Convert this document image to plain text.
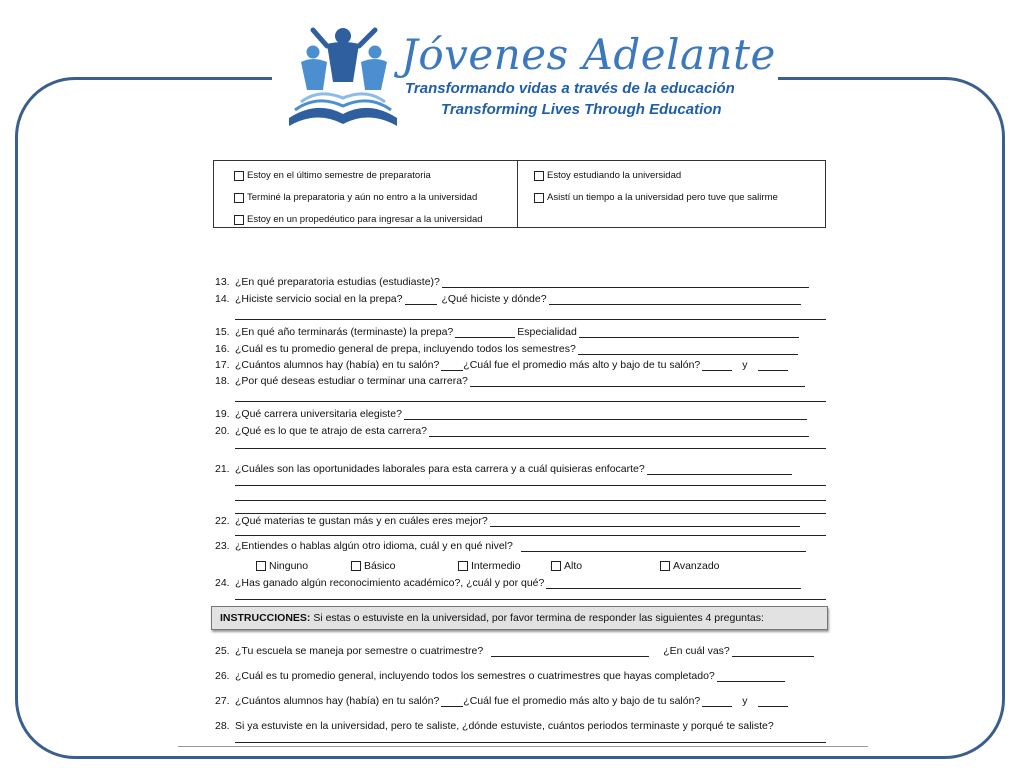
Jóvenes Adelante
Transformando vidas a través de la educación
Transforming Lives Through Education
Estoy en el último semestre de preparatoria
Terminé la preparatoria y aún no entro a la universidad
Estoy en un propedéutico para ingresar a la universidad
Estoy estudiando la universidad
Asistí un tiempo a la universidad pero tuve que salirme
13. ¿En qué preparatoria estudias (estudiaste)?
14. ¿Hiciste servicio social en la prepa?	¿Qué hiciste y dónde?
15. ¿En qué año terminarás (terminaste) la prepa?	Especialidad
16. ¿Cuál es tu promedio general de prepa, incluyendo todos los semestres?
17. ¿Cuántos alumnos hay (había) en tu salón? ¿Cuál fue el promedio más alto y bajo de tu salón?	y
18. ¿Por qué deseas estudiar o terminar una carrera?
19. ¿Qué carrera universitaria elegiste?
20. ¿Qué es lo que te atrajo de esta carrera?
21. ¿Cuáles son las oportunidades laborales para esta carrera y a cuál quisieras enfocarte?
22. ¿Qué materias te gustan más y en cuáles eres mejor?
23. ¿Entiendes o hablas algún otro idioma, cuál y en qué nivel?
Ninguno	Básico	Intermedio	Alto	Avanzado
24. ¿Has ganado algún reconocimiento académico?, ¿cuál y por qué?
INSTRUCCIONES: Si estas o estuviste en la universidad, por favor termina de responder las siguientes 4 preguntas:
25. ¿Tu escuela se maneja por semestre o cuatrimestre?	¿En cuál vas?
26. ¿Cuál es tu promedio general, incluyendo todos los semestres o cuatrimestres que hayas completado?
27. ¿Cuántos alumnos hay (había) en tu salón? ¿Cuál fue el promedio más alto y bajo de tu salón?	y
28. Si ya estuviste en la universidad, pero te saliste, ¿dónde estuviste, cuántos periodos terminaste y porqué te saliste?
